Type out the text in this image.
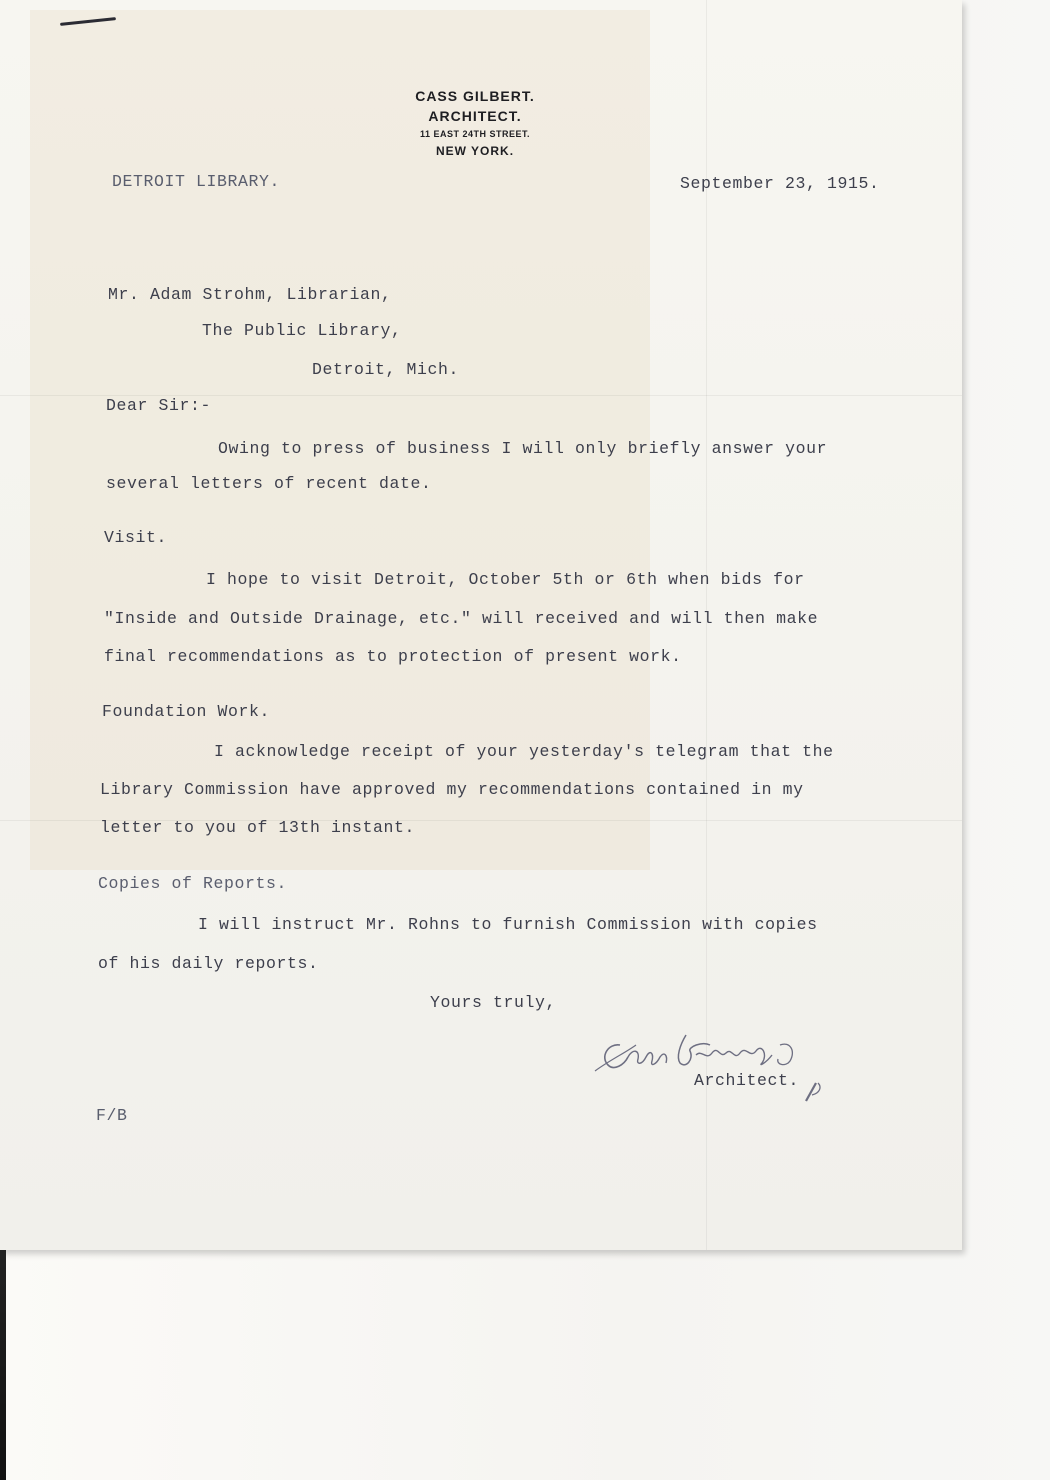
CASS GILBERT.
ARCHITECT.
11 EAST 24TH STREET.
NEW YORK.
DETROIT LIBRARY.	September 23, 1915.
Mr. Adam Strohm, Librarian,
The Public Library,
Detroit, Mich.
Dear Sir:-
Owing to press of business I will only briefly answer your
several letters of recent date.
Visit.
I hope to visit Detroit, October 5th or 6th when bids for
"Inside and Outside Drainage, etc." will received and will then make
final recommendations as to protection of present work.
Foundation Work.
I acknowledge receipt of your yesterday's telegram that the
Library Commission have approved my recommendations contained in my
letter to you of 13th instant.
Copies of Reports.
I will instruct Mr. Rohns to furnish Commission with copies
of his daily reports.
Yours truly,
Architect.
F/B
